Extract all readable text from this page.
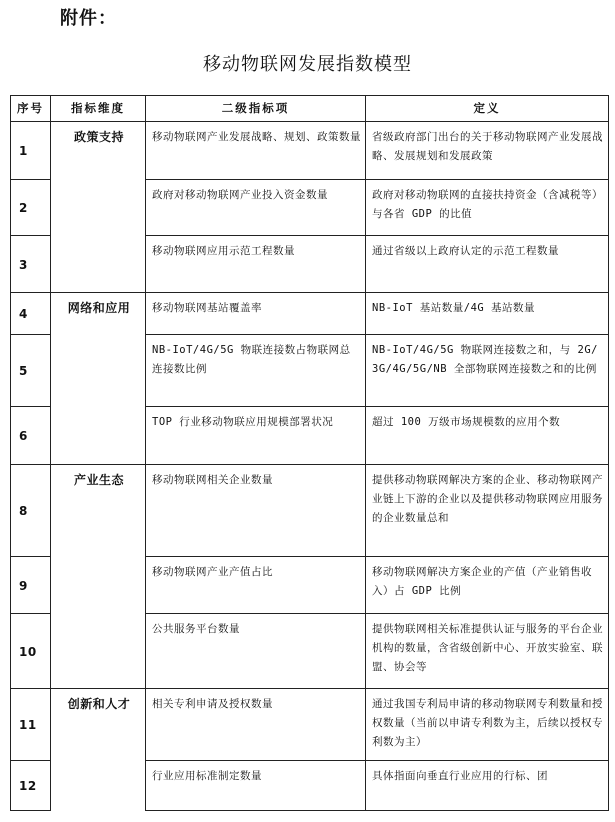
附件：
移动物联网发展指数模型
序号	指标维度	二级指标项	定义
1	政策支持	移动物联网产业发展战略、规划、政策数量	省级政府部门出台的关于移动物联网产业发展战略、发展规划和发展政策
2		政府对移动物联网产业投入资金数量	政府对移动物联网的直接扶持资金（含减税等）与各省 GDP 的比值
3		移动物联网应用示范工程数量	通过省级以上政府认定的示范工程数量
4	网络和应用	移动物联网基站覆盖率	NB-IoT 基站数量/4G 基站数量
5		NB-IoT/4G/5G 物联连接数占物联网总连接数比例	NB-IoT/4G/5G 物联网连接数之和，与 2G/3G/4G/5G/NB 全部物联网连接数之和的比例
6		TOP 行业移动物联应用规模部署状况	超过 100 万级市场规模数的应用个数
8	产业生态	移动物联网相关企业数量	提供移动物联网解决方案的企业、移动物联网产业链上下游的企业以及提供移动物联网应用服务的企业数量总和
9		移动物联网产业产值占比	移动物联网解决方案企业的产值（产业销售收入）占 GDP 比例
10		公共服务平台数量	提供物联网相关标准提供认证与服务的平台企业机构的数量，含省级创新中心、开放实验室、联盟、协会等
11	创新和人才	相关专利申请及授权数量	通过我国专利局申请的移动物联网专利数量和授权数量（当前以申请专利数为主，后续以授权专利数为主）
12		行业应用标准制定数量	具体指面向垂直行业应用的行标、团
